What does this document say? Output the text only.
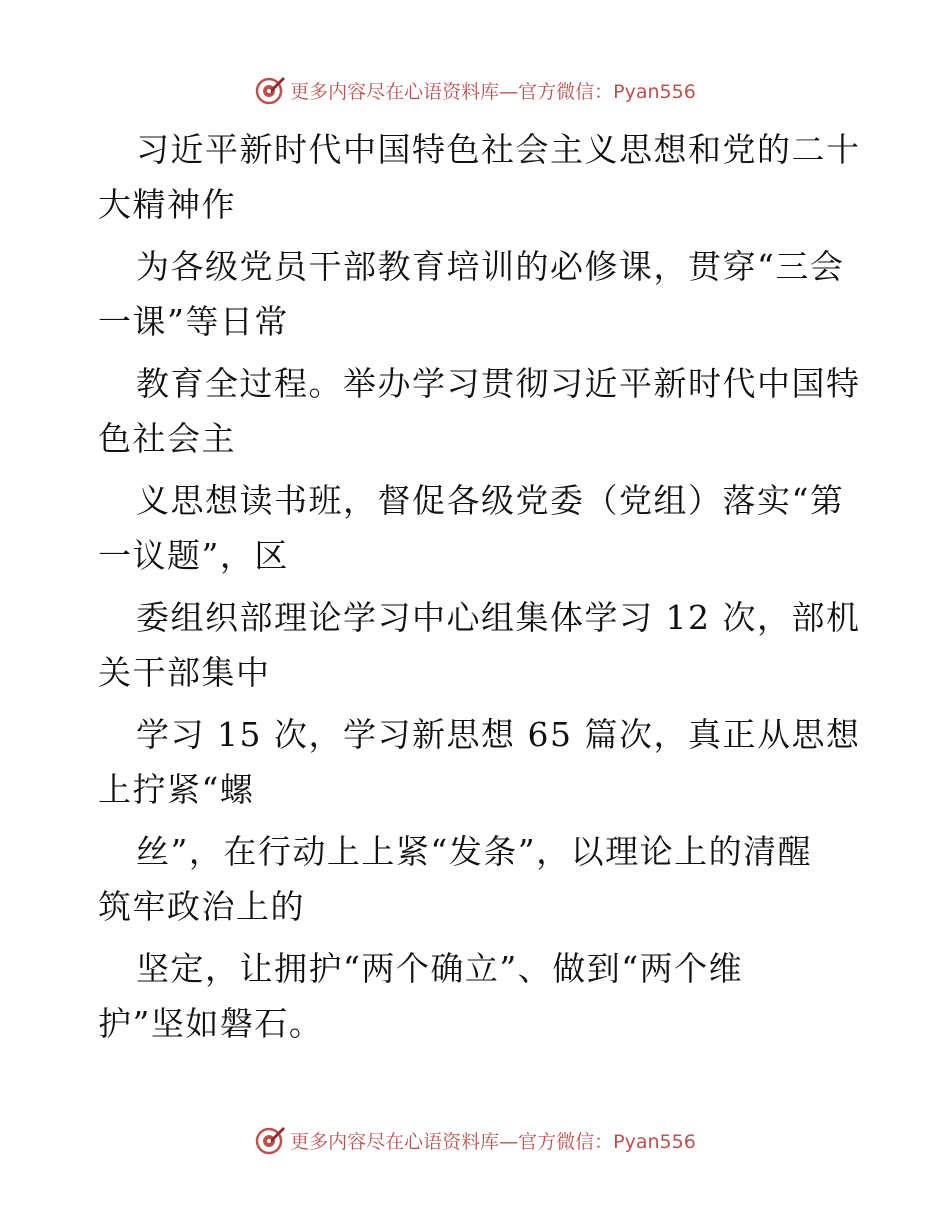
更多内容尽在心语资料库—官方微信：Pyan556

习近平新时代中国特色社会主义思想和党的二十
大精神作

为各级党员干部教育培训的必修课，贯穿“三会
一课”等日常

教育全过程。举办学习贯彻习近平新时代中国特
色社会主

义思想读书班，督促各级党委（党组）落实“第
一议题”，区

委组织部理论学习中心组集体学习 12 次，部机
关干部集中

学习 15 次，学习新思想 65 篇次，真正从思想
上拧紧“螺

丝”，在行动上上紧“发条”，以理论上的清醒
筑牢政治上的

坚定，让拥护“两个确立”、做到“两个维
护”坚如磐石。

更多内容尽在心语资料库—官方微信：Pyan556
